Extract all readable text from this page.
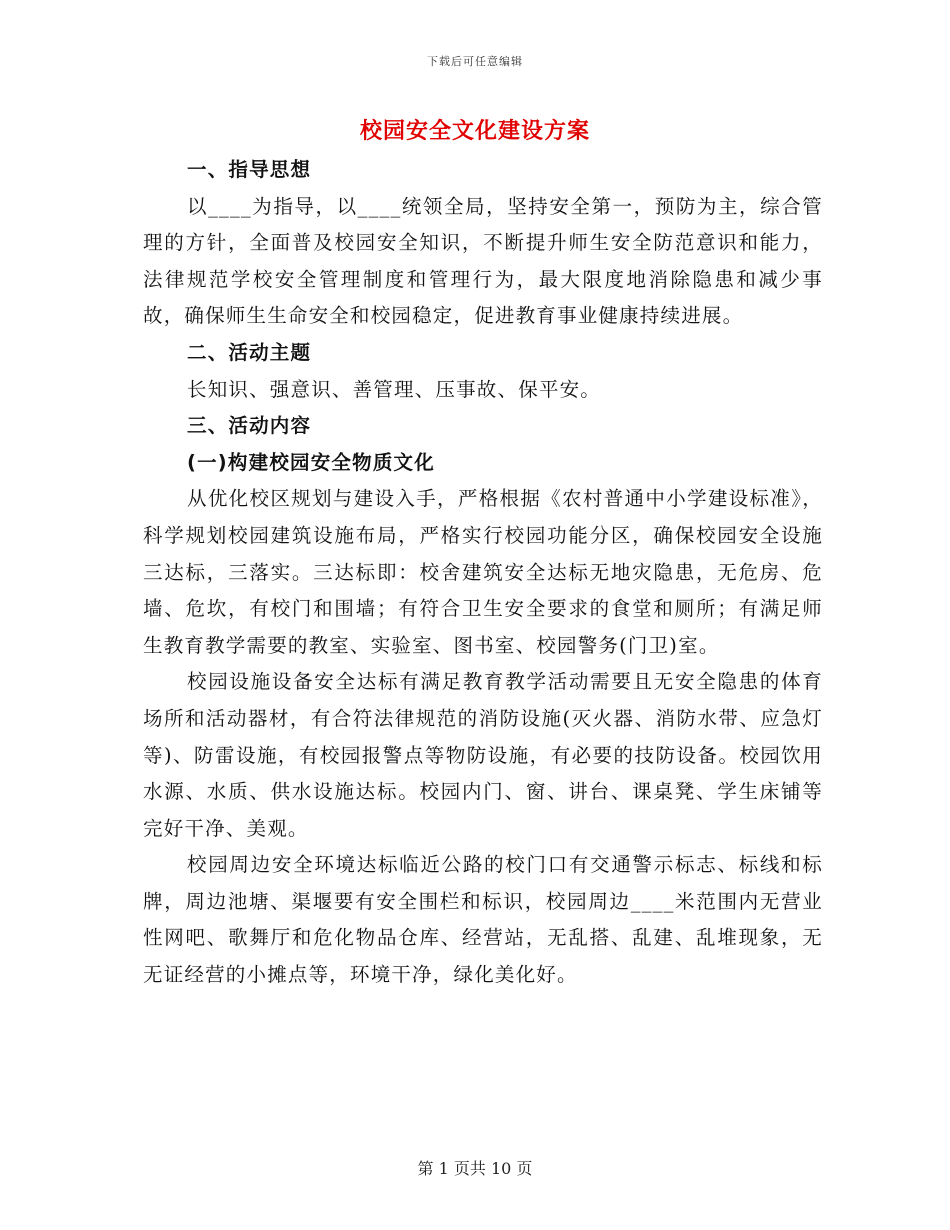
下载后可任意编辑
校园安全文化建设方案

一、指导思想

以____为指导，以____统领全局，坚持安全第一，预防为主，综合管理的方针，全面普及校园安全知识，不断提升师生安全防范意识和能力，法律规范学校安全管理制度和管理行为，最大限度地消除隐患和减少事故，确保师生生命安全和校园稳定，促进教育事业健康持续进展。

二、活动主题

长知识、强意识、善管理、压事故、保平安。

三、活动内容

(一)构建校园安全物质文化

从优化校区规划与建设入手，严格根据《农村普通中小学建设标准》，科学规划校园建筑设施布局，严格实行校园功能分区，确保校园安全设施三达标，三落实。三达标即：校舍建筑安全达标无地灾隐患，无危房、危墙、危坎，有校门和围墙；有符合卫生安全要求的食堂和厕所；有满足师生教育教学需要的教室、实验室、图书室、校园警务(门卫)室。

校园设施设备安全达标有满足教育教学活动需要且无安全隐患的体育场所和活动器材，有合符法律规范的消防设施(灭火器、消防水带、应急灯等)、防雷设施，有校园报警点等物防设施，有必要的技防设备。校园饮用水源、水质、供水设施达标。校园内门、窗、讲台、课桌凳、学生床铺等完好干净、美观。

校园周边安全环境达标临近公路的校门口有交通警示标志、标线和标牌，周边池塘、渠堰要有安全围栏和标识，校园周边____米范围内无营业性网吧、歌舞厅和危化物品仓库、经营站，无乱搭、乱建、乱堆现象，无无证经营的小摊点等，环境干净，绿化美化好。

第 1 页共 10 页
